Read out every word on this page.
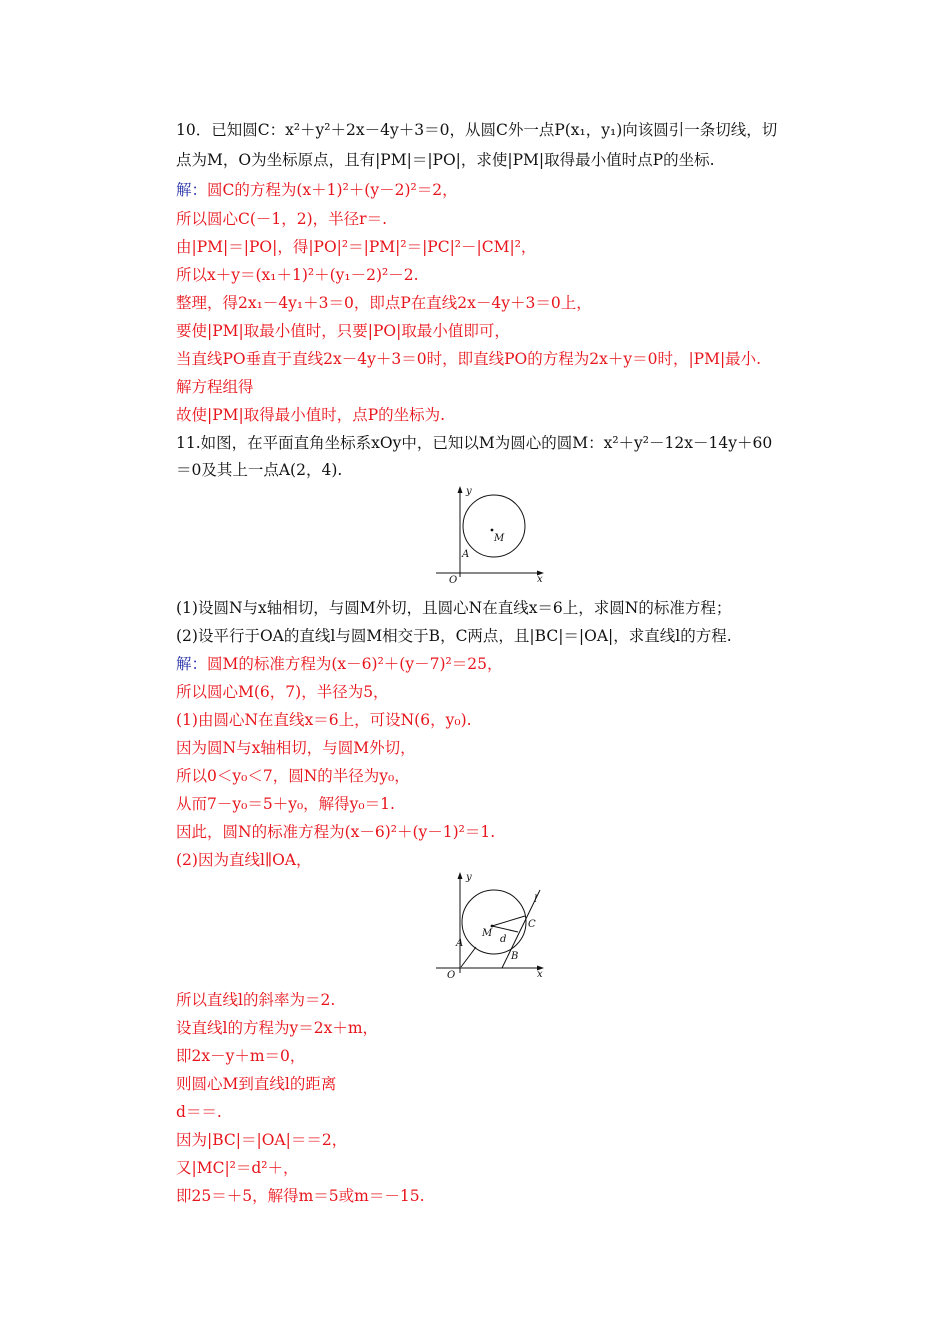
10．已知圆C：x²＋y²＋2x－4y＋3＝0，从圆C外一点P(x₁，y₁)向该圆引一条切线，切
点为M，O为坐标原点，且有|PM|＝|PO|，求使|PM|取得最小值时点P的坐标.
解：圆C的方程为(x＋1)²＋(y－2)²＝2，
所以圆心C(－1，2)，半径r＝.
由|PM|＝|PO|，得|PO|²＝|PM|²＝|PC|²－|CM|²，
所以x＋y＝(x₁＋1)²＋(y₁－2)²－2.
整理，得2x₁－4y₁＋3＝0，即点P在直线2x－4y＋3＝0上，
要使|PM|取最小值时，只要|PO|取最小值即可，
当直线PO垂直于直线2x－4y＋3＝0时，即直线PO的方程为2x＋y＝0时，|PM|最小.
解方程组得
故使|PM|取得最小值时，点P的坐标为.
11.如图，在平面直角坐标系xOy中，已知以M为圆心的圆M：x²＋y²－12x－14y＋60
＝0及其上一点A(2，4).
M
A
y
x
O
(1)设圆N与x轴相切，与圆M外切，且圆心N在直线x＝6上，求圆N的标准方程；
(2)设平行于OA的直线l与圆M相交于B，C两点，且|BC|＝|OA|，求直线l的方程.
解：圆M的标准方程为(x－6)²＋(y－7)²＝25，
所以圆心M(6，7)，半径为5，
(1)由圆心N在直线x＝6上，可设N(6，y₀).
因为圆N与x轴相切，与圆M外切，
所以0＜y₀＜7，圆N的半径为y₀，
从而7－y₀＝5＋y₀，解得y₀＝1.
因此，圆N的标准方程为(x－6)²＋(y－1)²＝1.
(2)因为直线l∥OA，
M
d
C
B
l
A
y
x
O
所以直线l的斜率为＝2.
设直线l的方程为y＝2x＋m，
即2x－y＋m＝0，
则圆心M到直线l的距离
d＝＝.
因为|BC|＝|OA|＝＝2，
又|MC|²＝d²＋，
即25＝＋5，解得m＝5或m＝－15.
